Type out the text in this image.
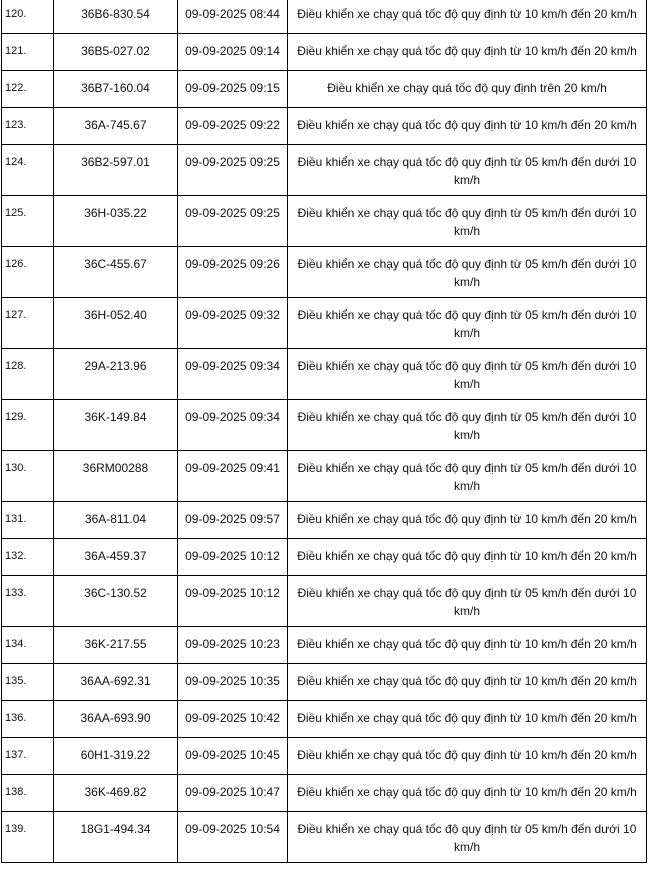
120.	36B6-830.54	09-09-2025 08:44	Điều khiển xe chạy quá tốc độ quy định từ 10 km/h đến 20 km/h
121.	36B5-027.02	09-09-2025 09:14	Điều khiển xe chạy quá tốc độ quy định từ 10 km/h đến 20 km/h
122.	36B7-160.04	09-09-2025 09:15	Điều khiển xe chạy quá tốc độ quy định trên 20 km/h
123.	36A-745.67	09-09-2025 09:22	Điều khiển xe chạy quá tốc độ quy định từ 10 km/h đến 20 km/h
124.	36B2-597.01	09-09-2025 09:25	Điều khiển xe chạy quá tốc độ quy định từ 05 km/h đến dưới 10 km/h
125.	36H-035.22	09-09-2025 09:25	Điều khiển xe chạy quá tốc độ quy định từ 05 km/h đến dưới 10 km/h
126.	36C-455.67	09-09-2025 09:26	Điều khiển xe chạy quá tốc độ quy định từ 05 km/h đến dưới 10 km/h
127.	36H-052.40	09-09-2025 09:32	Điều khiển xe chạy quá tốc độ quy định từ 05 km/h đến dưới 10 km/h
128.	29A-213.96	09-09-2025 09:34	Điều khiển xe chạy quá tốc độ quy định từ 05 km/h đến dưới 10 km/h
129.	36K-149.84	09-09-2025 09:34	Điều khiển xe chạy quá tốc độ quy định từ 05 km/h đến dưới 10 km/h
130.	36RM00288	09-09-2025 09:41	Điều khiển xe chạy quá tốc độ quy định từ 05 km/h đến dưới 10 km/h
131.	36A-811.04	09-09-2025 09:57	Điều khiển xe chạy quá tốc độ quy định từ 10 km/h đến 20 km/h
132.	36A-459.37	09-09-2025 10:12	Điều khiển xe chạy quá tốc độ quy định từ 10 km/h đến 20 km/h
133.	36C-130.52	09-09-2025 10:12	Điều khiển xe chạy quá tốc độ quy định từ 05 km/h đến dưới 10 km/h
134.	36K-217.55	09-09-2025 10:23	Điều khiển xe chạy quá tốc độ quy định từ 10 km/h đến 20 km/h
135.	36AA-692.31	09-09-2025 10:35	Điều khiển xe chạy quá tốc độ quy định từ 10 km/h đến 20 km/h
136.	36AA-693.90	09-09-2025 10:42	Điều khiển xe chạy quá tốc độ quy định từ 10 km/h đến 20 km/h
137.	60H1-319.22	09-09-2025 10:45	Điều khiển xe chạy quá tốc độ quy định từ 10 km/h đến 20 km/h
138.	36K-469.82	09-09-2025 10:47	Điều khiển xe chạy quá tốc độ quy định từ 10 km/h đến 20 km/h
139.	18G1-494.34	09-09-2025 10:54	Điều khiển xe chạy quá tốc độ quy định từ 05 km/h đến dưới 10 km/h
